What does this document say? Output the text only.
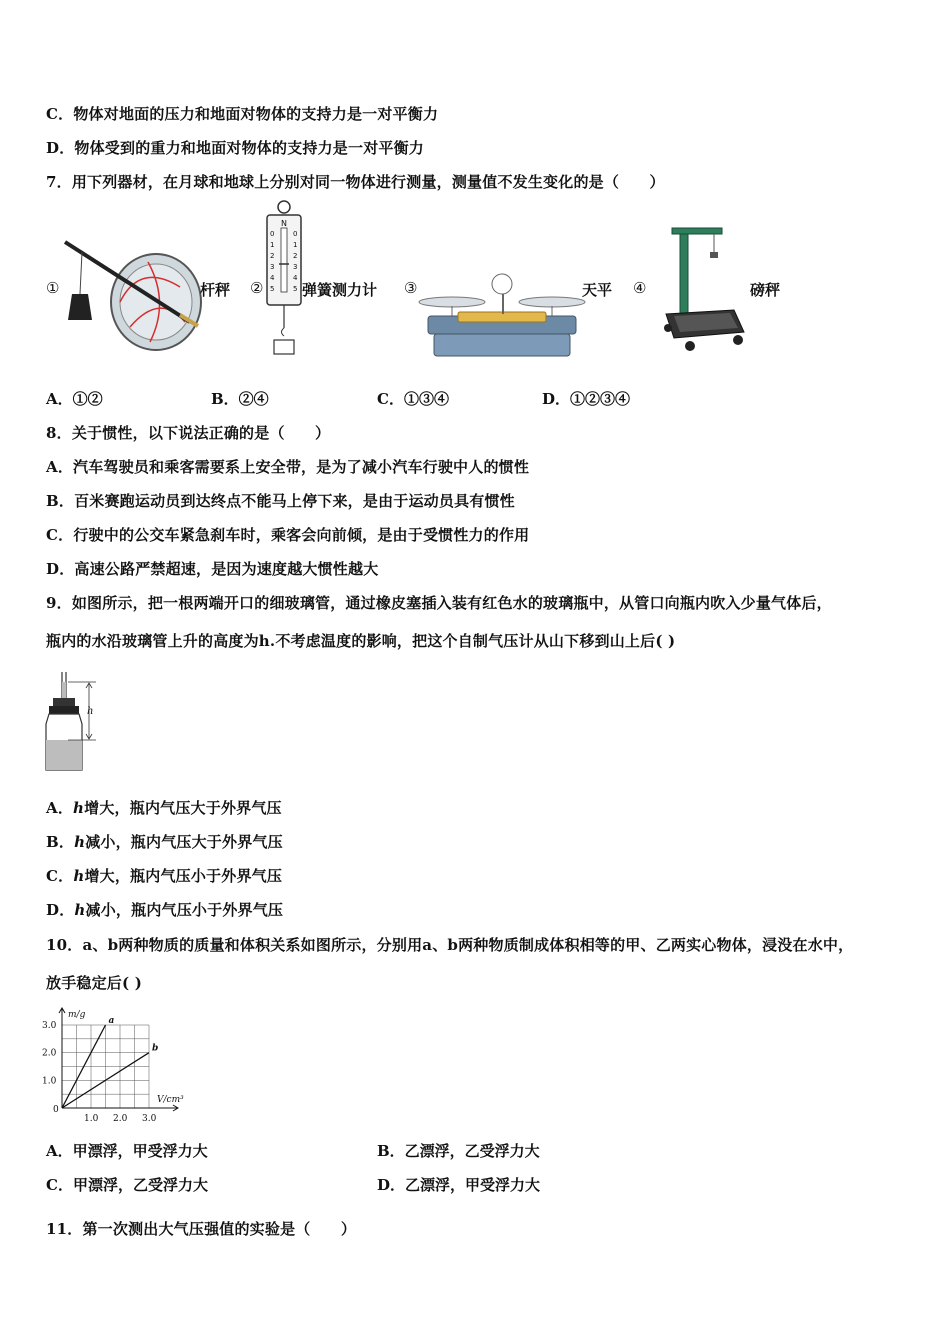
C．物体对地面的压力和地面对物体的支持力是一对平衡力
D．物体受到的重力和地面对物体的支持力是一对平衡力
7．用下列器材，在月球和地球上分别对同一物体进行测量，测量值不发生变化的是（　　）
①	杆秤 ②
N
0
1
2
3
4
5
0
1
2
3
4
5 弹簧测力计 ③	天平 ④	磅秤
A．①②	B．②④	C．①③④	D．①②③④
8．关于惯性，以下说法正确的是（　　）
A．汽车驾驶员和乘客需要系上安全带，是为了减小汽车行驶中人的惯性
B．百米赛跑运动员到达终点不能马上停下来，是由于运动员具有惯性
C．行驶中的公交车紧急刹车时，乘客会向前倾，是由于受惯性力的作用
D．高速公路严禁超速，是因为速度越大惯性越大
9．如图所示，把一根两端开口的细玻璃管，通过橡皮塞插入装有红色水的玻璃瓶中，从管口向瓶内吹入少量气体后，
瓶内的水沿玻璃管上升的高度为h.不考虑温度的影响，把这个自制气压计从山下移到山上后( )
h
A．h增大，瓶内气压大于外界气压
B．h减小，瓶内气压大于外界气压
C．h增大，瓶内气压小于外界气压
D．h减小，瓶内气压小于外界气压
10．a、b两种物质的质量和体积关系如图所示，分别用a、b两种物质制成体积相等的甲、乙两实心物体，浸没在水中，
放手稳定后( )
1.0 2.0 3.0
1.0
2.0
3.0
0
m/g
V/cm³
a
b
A．甲漂浮，甲受浮力大	B．乙漂浮，乙受浮力大
C．甲漂浮，乙受浮力大	D．乙漂浮，甲受浮力大
11．第一次测出大气压强值的实验是（　　）
